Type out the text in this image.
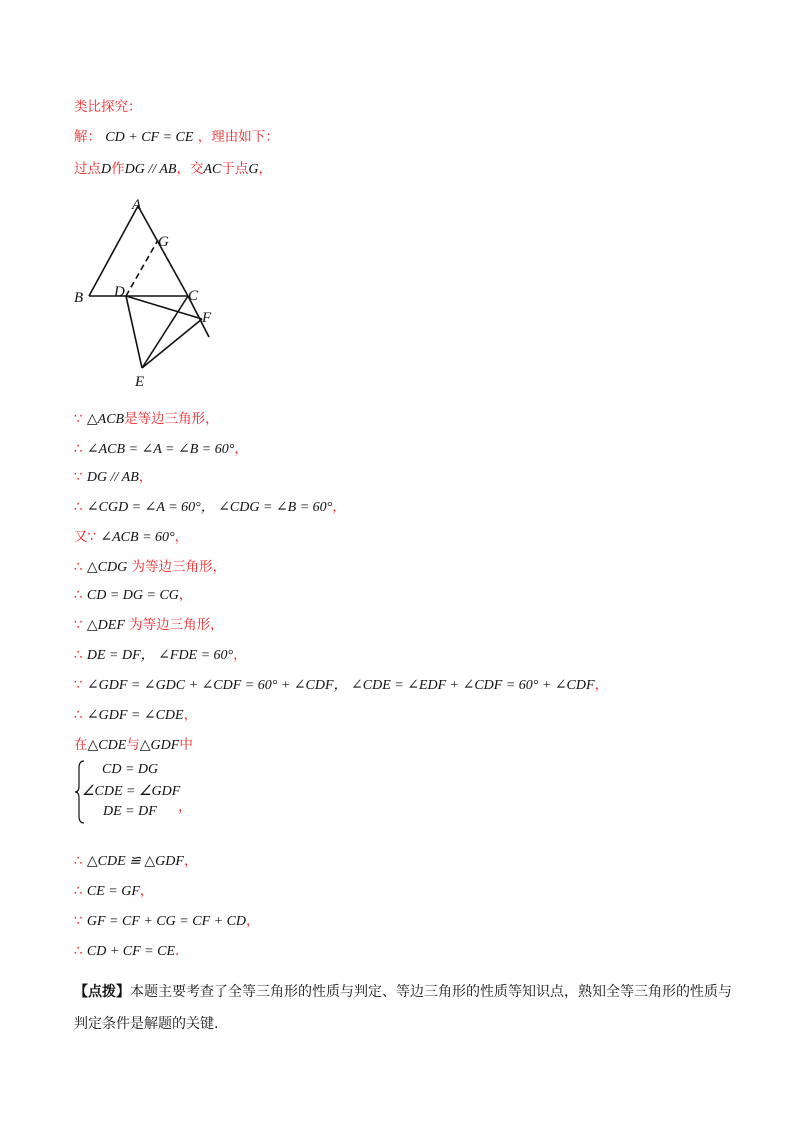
类比探究：
解： CD + CF = CE ，理由如下：
过点D作DG // AB，交AC于点G，
A
G
B D	C
F
E
∵ △ACB是等边三角形，
∴ ∠ACB = ∠A = ∠B = 60°，
∵ DG // AB，
∴ ∠CGD = ∠A = 60°， ∠CDG = ∠B = 60°，
又∵ ∠ACB = 60°，
∴ △CDG 为等边三角形，
∴ CD = DG = CG，
∵ △DEF 为等边三角形，
∴ DE = DF， ∠FDE = 60°，
∵ ∠GDF = ∠GDC + ∠CDF = 60° + ∠CDF， ∠CDE = ∠EDF + ∠CDF = 60° + ∠CDF，
∴ ∠GDF = ∠CDE，
在△CDE与△GDF中
CD = DG
∠CDE = ∠GDF
DE = DF ，
∴ △CDE ≌ △GDF，
∴ CE = GF，
∵ GF = CF + CG = CF + CD，
∴ CD + CF = CE.
【点拨】本题主要考查了全等三角形的性质与判定、等边三角形的性质等知识点，熟知全等三角形的性质与判定条件是解题的关键.
